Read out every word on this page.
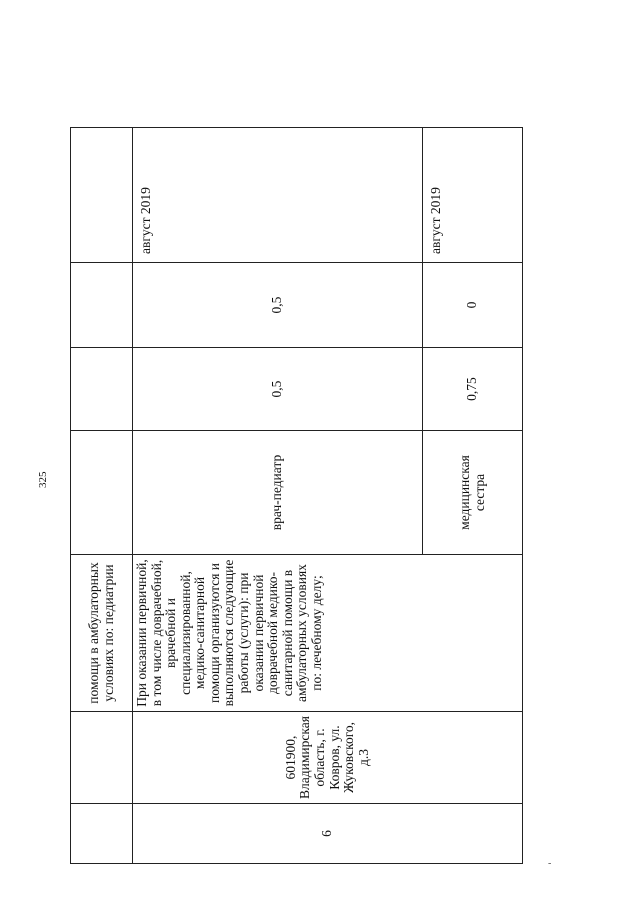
325
		помощи в амбулаторных условиях по: педиатрии				
6	601900, Владимирская область, г. Ковров, ул. Жуковского, д.3	При оказании первичной, в том числе доврачебной, врачебной и специализированной, медико-санитарной помощи организуются и выполняются следующие работы (услуги): при оказании первичной доврачебной медико-санитарной помощи в амбулаторных условиях по: лечебному делу;	врач-педиатр	0,5	0,5	август 2019
			медицинская сестра	0,75	0	август 2019
-
